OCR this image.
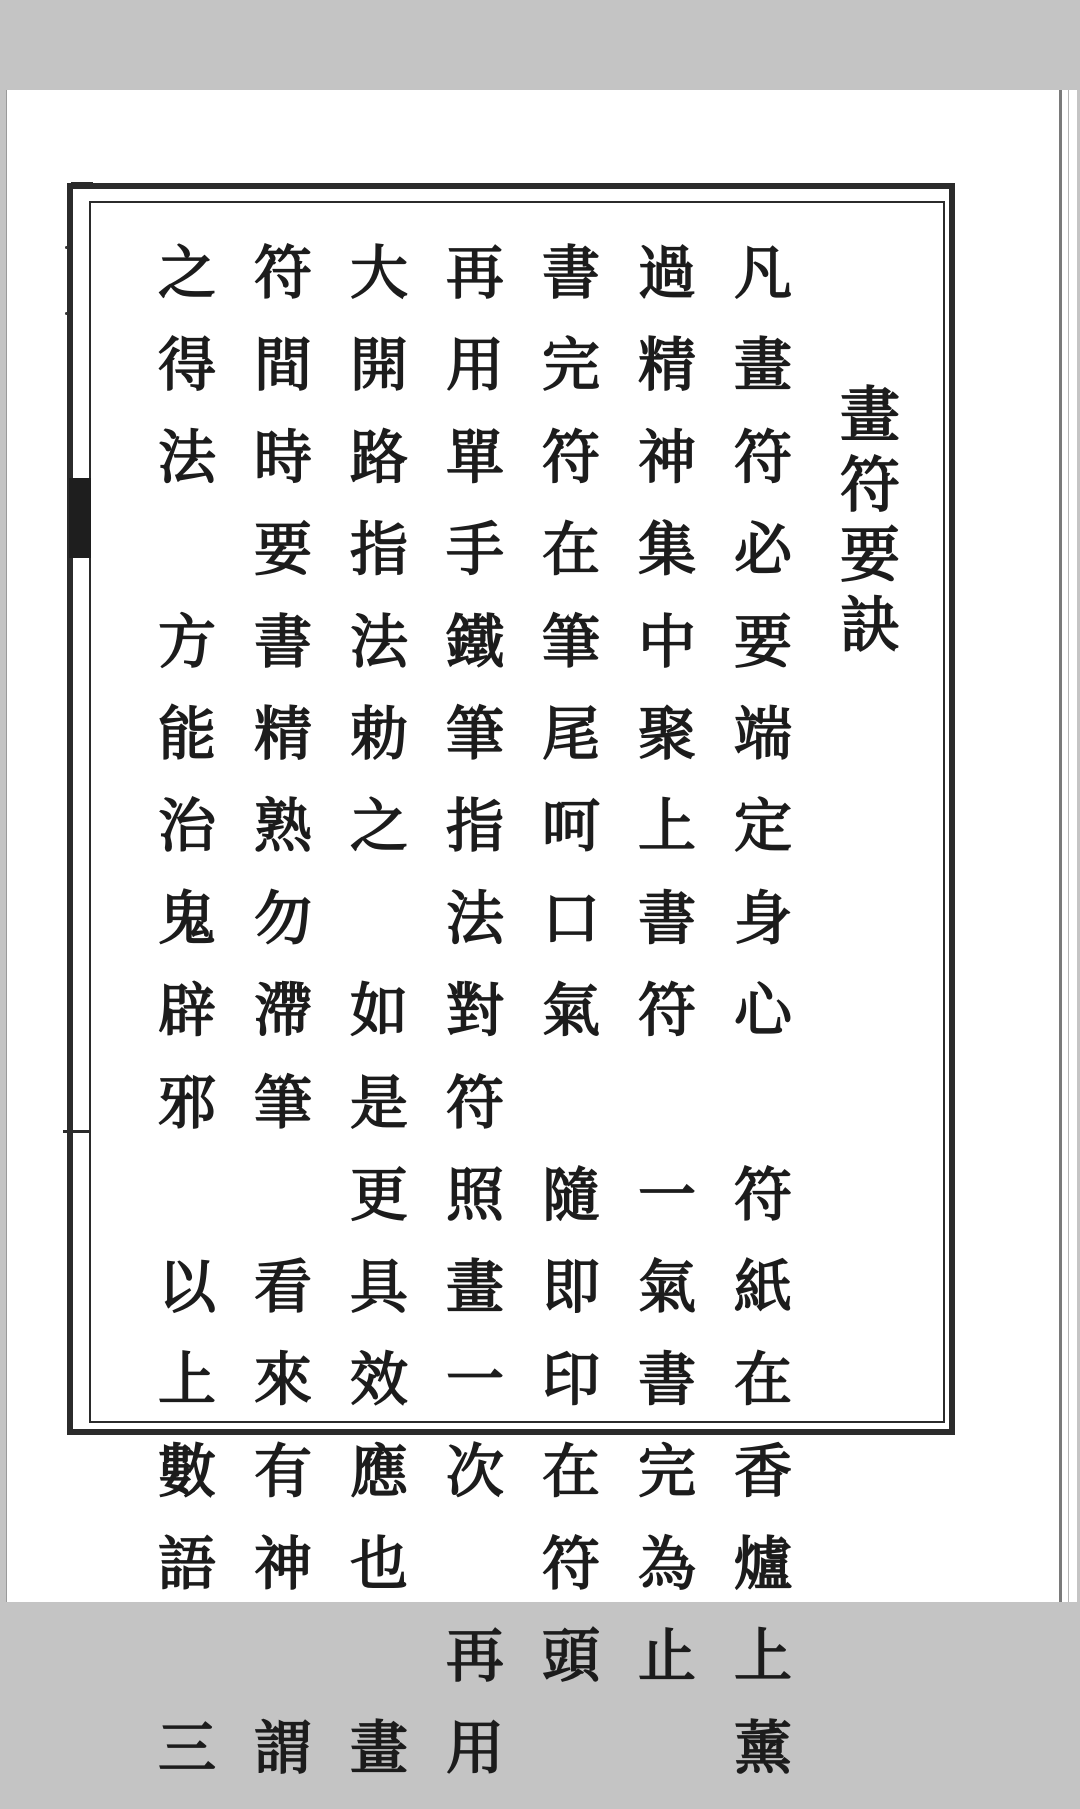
畫符要訣
凡畫符必要端定身心　符紙在香爐上薰
過精神集中聚上書符　一氣書完為止
書完符在筆尾呵口氣　隨即印在符頭
再用單手鐵筆指法對符照畫一次　再用
大開路指法勅之　如是更具效應也　畫
符間時要書精熟勿滯筆　看來有神　謂
之得法　方能治鬼辟邪　以上數語　三
